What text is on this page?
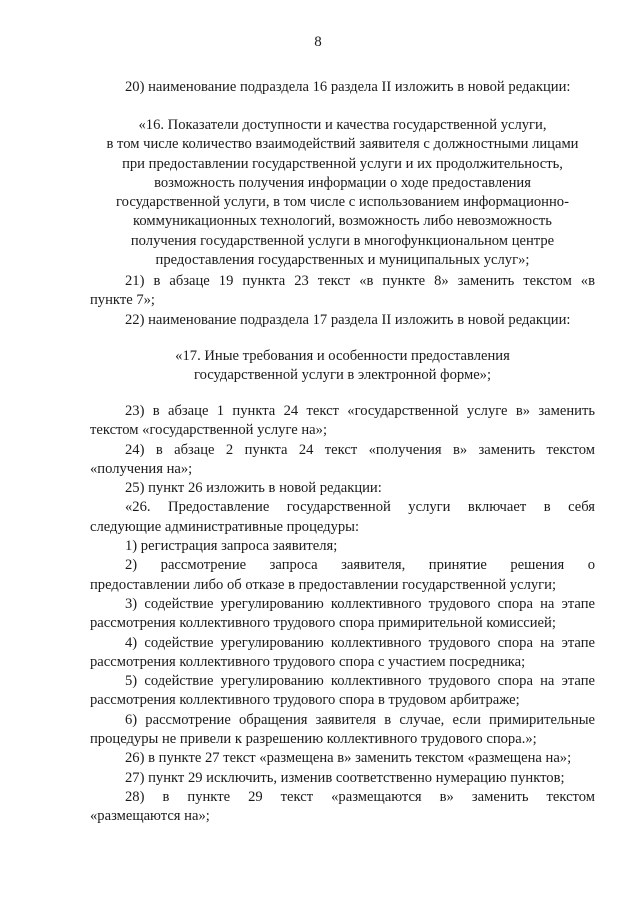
8

20) наименование подраздела 16 раздела II изложить в новой редакции:

«16. Показатели доступности и качества государственной услуги,

в том числе количество взаимодействий заявителя с должностными лицами

при предоставлении государственной услуги и их продолжительность,

возможность получения информации о ходе предоставления

государственной услуги, в том числе с использованием информационно-

коммуникационных технологий, возможность либо невозможность

получения государственной услуги в многофункциональном центре

предоставления государственных и муниципальных услуг»;

21) в абзаце 19 пункта 23 текст «в пункте 8» заменить текстом «в

пункте 7»;

22) наименование подраздела 17 раздела II изложить в новой редакции:

«17. Иные требования и особенности предоставления

государственной услуги в электронной форме»;

23) в абзаце 1 пункта 24 текст «государственной услуге в» заменить

текстом «государственной услуге на»;

24) в абзаце 2 пункта 24 текст «получения в» заменить текстом

«получения на»;

25) пункт 26 изложить в новой редакции:

«26. Предоставление государственной услуги включает в себя

следующие административные процедуры:

1) регистрация запроса заявителя;

2) рассмотрение запроса заявителя, принятие решения о

предоставлении либо об отказе в предоставлении государственной услуги;

3) содействие урегулированию коллективного трудового спора на этапе

рассмотрения коллективного трудового спора примирительной комиссией;

4) содействие урегулированию коллективного трудового спора на этапе

рассмотрения коллективного трудового спора с участием посредника;

5) содействие урегулированию коллективного трудового спора на этапе

рассмотрения коллективного трудового спора в трудовом арбитраже;

6) рассмотрение обращения заявителя в случае, если примирительные

процедуры не привели к разрешению коллективного трудового спора.»;

26) в пункте 27 текст «размещена в» заменить текстом «размещена на»;

27) пункт 29 исключить, изменив соответственно нумерацию пунктов;

28) в пункте 29 текст «размещаются в» заменить текстом

«размещаются на»;
